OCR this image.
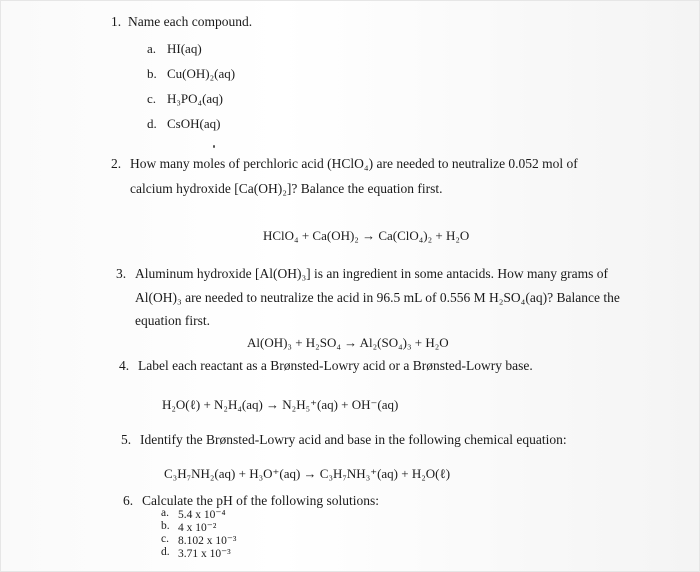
1. Name each compound.
a. HI(aq)
b. Cu(OH)₂(aq)
c. H₃PO₄(aq)
d. CsOH(aq)
2. How many moles of perchloric acid (HClO₄) are needed to neutralize 0.052 mol of
calcium hydroxide [Ca(OH)₂]? Balance the equation first.
HClO₄ + Ca(OH)₂ → Ca(ClO₄)₂ + H₂O
3. Aluminum hydroxide [Al(OH)₃] is an ingredient in some antacids. How many grams of
Al(OH)₃ are needed to neutralize the acid in 96.5 mL of 0.556 M H₂SO₄(aq)? Balance the
equation first.
Al(OH)₃ + H₂SO₄ → Al₂(SO₄)₃ + H₂O
4. Label each reactant as a Brønsted-Lowry acid or a Brønsted-Lowry base.
H₂O(ℓ) + N₂H₄(aq) → N₂H₅⁺(aq) + OH⁻(aq)
5. Identify the Brønsted-Lowry acid and base in the following chemical equation:
C₃H₇NH₂(aq) + H₃O⁺(aq) → C₃H₇NH₃⁺(aq) + H₂O(ℓ)
6. Calculate the pH of the following solutions:
a. 5.4 x 10⁻⁴
b. 4 x 10⁻²
c. 8.102 x 10⁻³
d. 3.71 x 10⁻³
